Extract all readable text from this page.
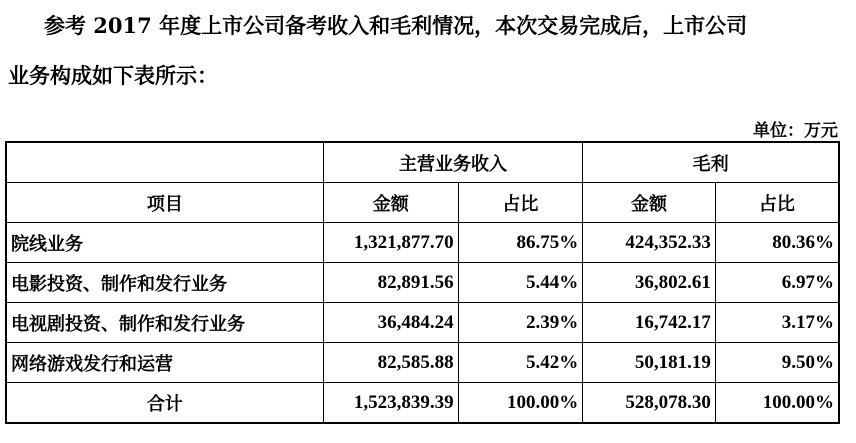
参考 2017 年度上市公司备考收入和毛利情况，本次交易完成后，上市公司
业务构成如下表所示：
单位：万元
	主营业务收入		毛利	
项目	金额	占比	金额	占比
院线业务	1,321,877.70	86.75%	424,352.33	80.36%
电影投资、制作和发行业务	82,891.56	5.44%	36,802.61	6.97%
电视剧投资、制作和发行业务	36,484.24	2.39%	16,742.17	3.17%
网络游戏发行和运营	82,585.88	5.42%	50,181.19	9.50%
合计	1,523,839.39	100.00%	528,078.30	100.00%
